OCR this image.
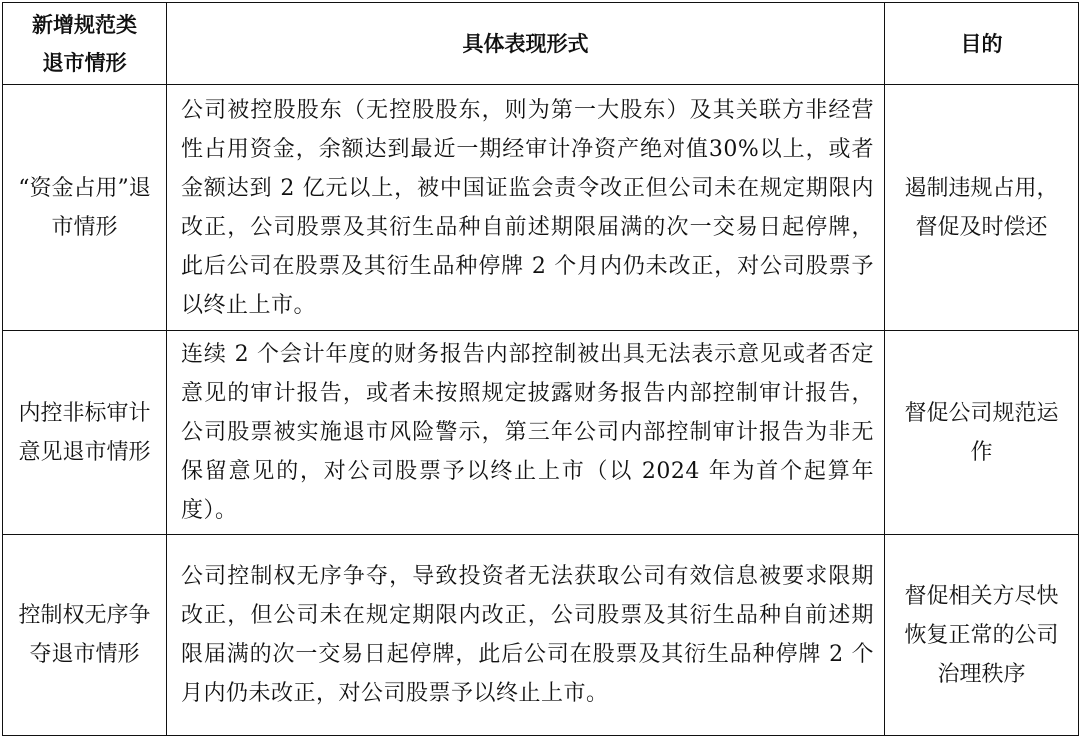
新增规范类
退市情形	具体表现形式	目的
“资金占用”退市情形	公司被控股股东（无控股股东，则为第一大股东）及其关联方非经营性占用资金，余额达到最近一期经审计净资产绝对值30%以上，或者金额达到 2 亿元以上，被中国证监会责令改正但公司未在规定期限内改正，公司股票及其衍生品种自前述期限届满的次一交易日起停牌，此后公司在股票及其衍生品种停牌 2 个月内仍未改正，对公司股票予以终止上市。	遏制违规占用，督促及时偿还
内控非标审计意见退市情形	连续 2 个会计年度的财务报告内部控制被出具无法表示意见或者否定意见的审计报告，或者未按照规定披露财务报告内部控制审计报告，公司股票被实施退市风险警示，第三年公司内部控制审计报告为非无保留意见的，对公司股票予以终止上市（以 2024 年为首个起算年度）。	督促公司规范运作
控制权无序争夺退市情形	公司控制权无序争夺，导致投资者无法获取公司有效信息被要求限期改正，但公司未在规定期限内改正，公司股票及其衍生品种自前述期限届满的次一交易日起停牌，此后公司在股票及其衍生品种停牌 2 个月内仍未改正，对公司股票予以终止上市。	督促相关方尽快恢复正常的公司治理秩序
